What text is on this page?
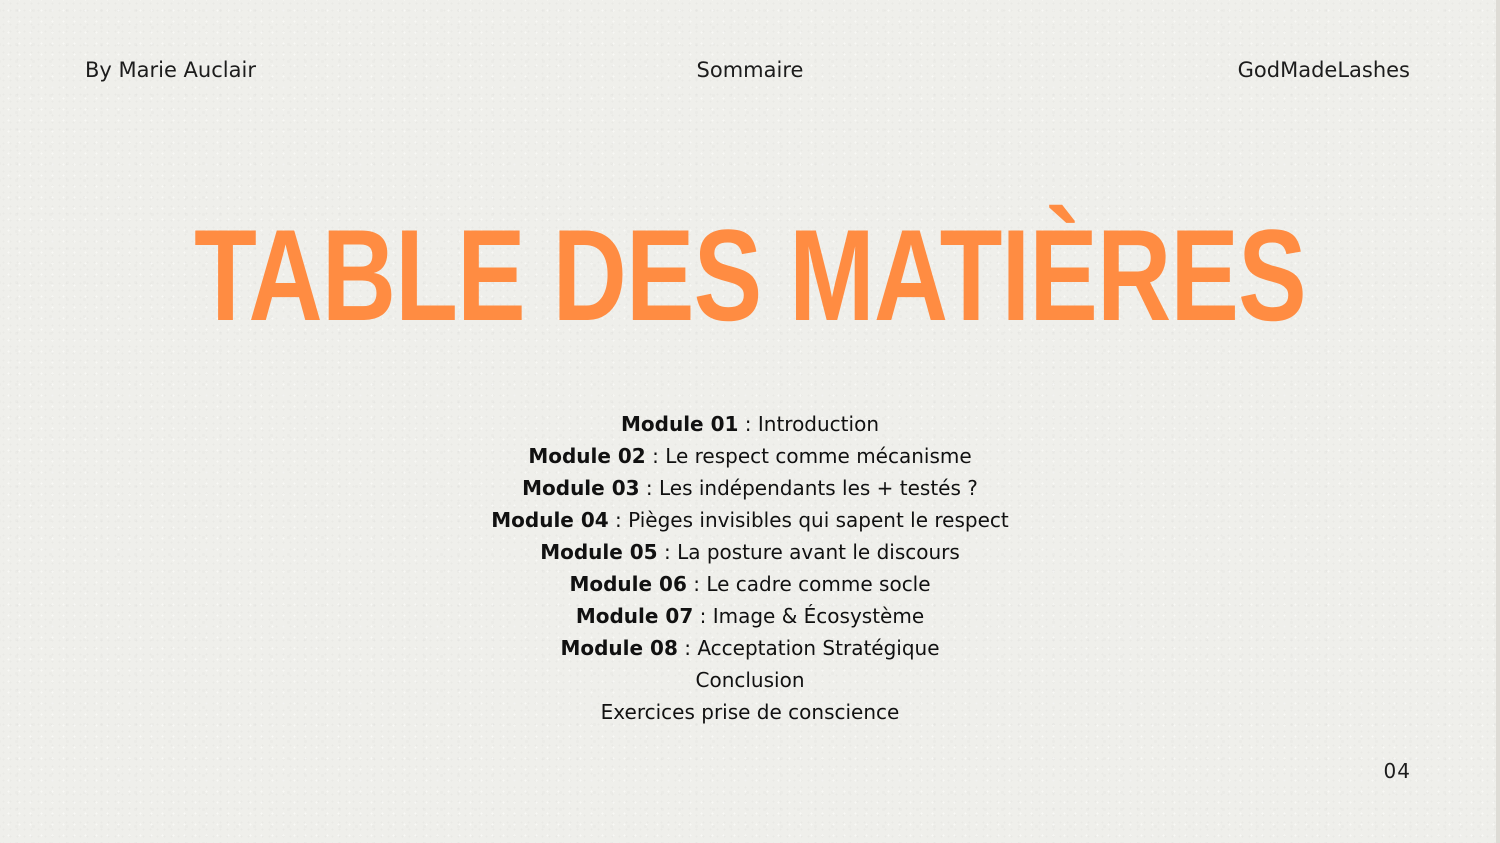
By Marie Auclair	Sommaire	GodMadeLashes
TABLE DES MATIÈRES
Module 01 : Introduction
Module 02 : Le respect comme mécanisme
Module 03 : Les indépendants les + testés ?
Module 04 : Pièges invisibles qui sapent le respect
Module 05 : La posture avant le discours
Module 06 : Le cadre comme socle
Module 07 : Image & Écosystème
Module 08 : Acceptation Stratégique
Conclusion
Exercices prise de conscience
04
